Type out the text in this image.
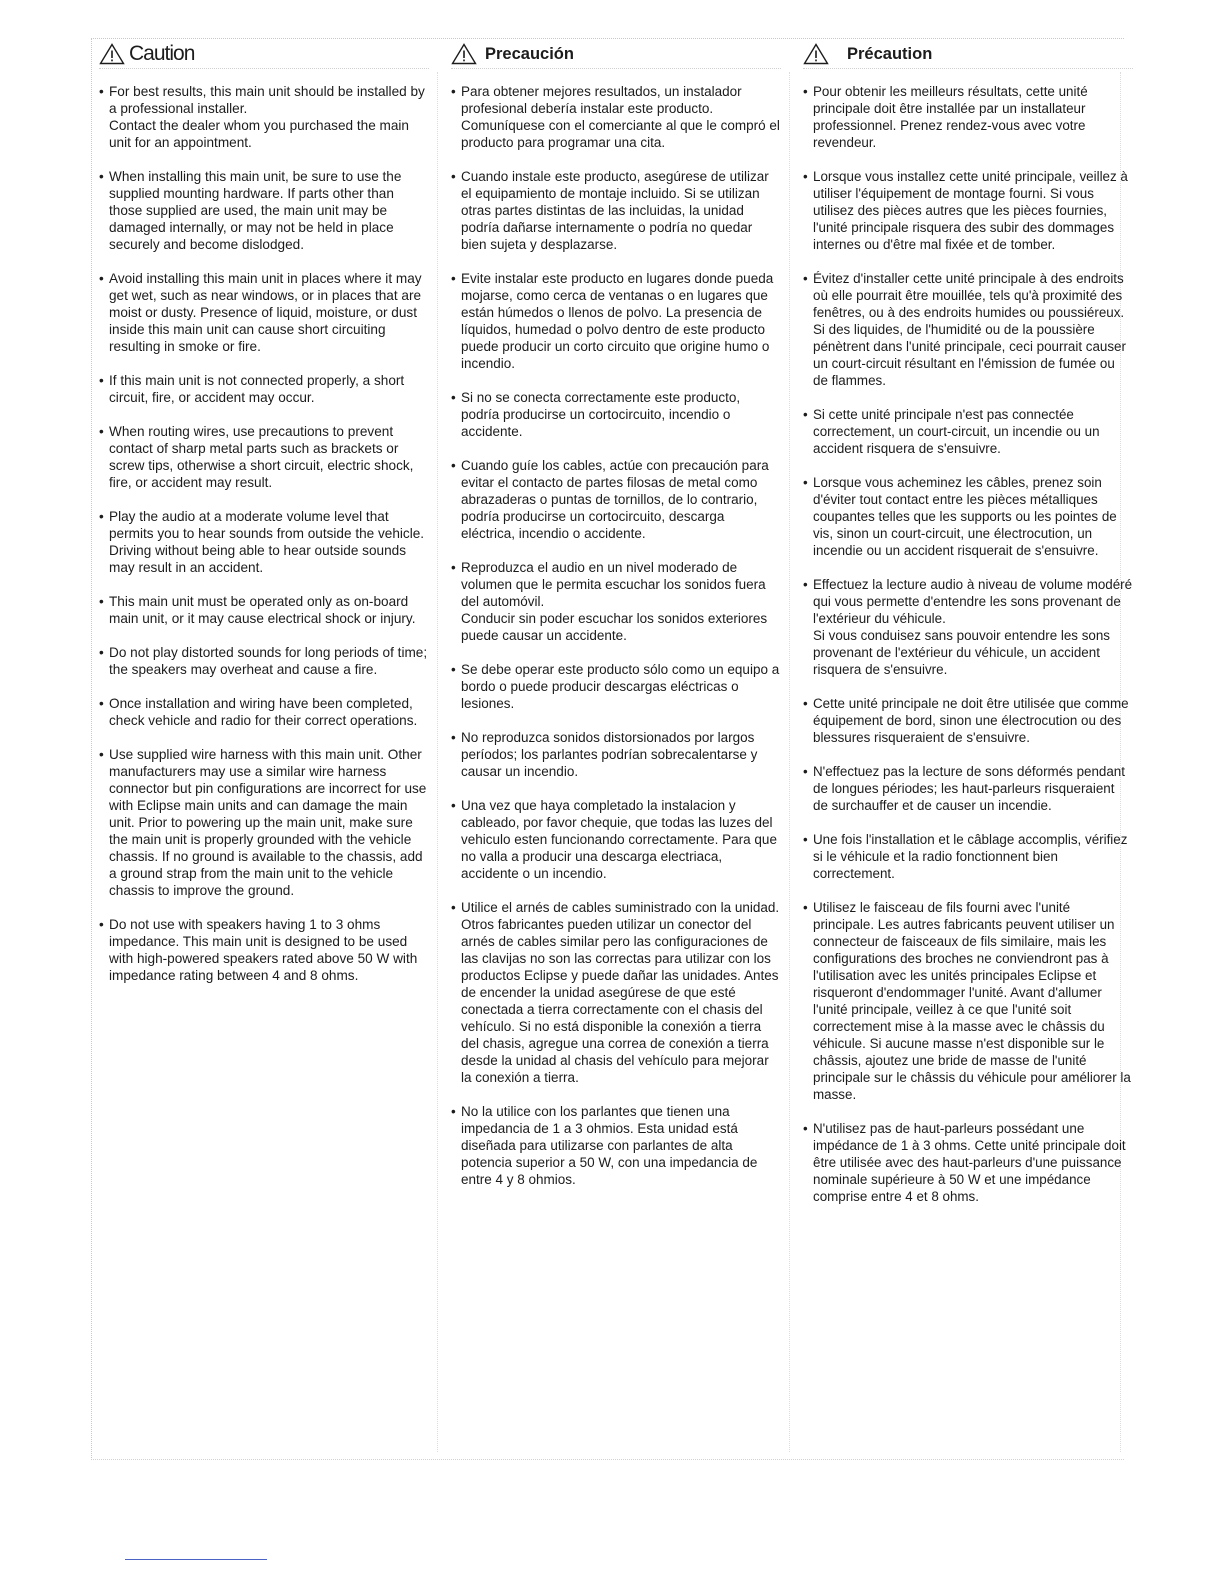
Caution
• For best results, this main unit should be installed by a professional installer.
Contact the dealer whom you purchased the main unit for an appointment.
• When installing this main unit, be sure to use the supplied mounting hardware. If parts other than those supplied are used, the main unit may be damaged internally, or may not be held in place securely and become dislodged.
• Avoid installing this main unit in places where it may get wet, such as near windows, or in places that are moist or dusty. Presence of liquid, moisture, or dust inside this main unit can cause short circuiting resulting in smoke or fire.
• If this main unit is not connected properly, a short circuit, fire, or accident may occur.
• When routing wires, use precautions to prevent contact of sharp metal parts such as brackets or screw tips, otherwise a short circuit, electric shock, fire, or accident may result.
• Play the audio at a moderate volume level that permits you to hear sounds from outside the vehicle. Driving without being able to hear outside sounds may result in an accident.
• This main unit must be operated only as on-board main unit, or it may cause electrical shock or injury.
• Do not play distorted sounds for long periods of time; the speakers may overheat and cause a fire.
• Once installation and wiring have been completed, check vehicle and radio for their correct operations.
• Use supplied wire harness with this main unit. Other manufacturers may use a similar wire harness connector but pin configurations are incorrect for use with Eclipse main units and can damage the main unit. Prior to powering up the main unit, make sure the main unit is properly grounded with the vehicle chassis. If no ground is available to the chassis, add a ground strap from the main unit to the vehicle chassis to improve the ground.
• Do not use with speakers having 1 to 3 ohms impedance. This main unit is designed to be used with high-powered speakers rated above 50 W with impedance rating between 4 and 8 ohms.
Precaución
• Para obtener mejores resultados, un instalador profesional debería instalar este producto.
Comuníquese con el comerciante al que le compró el producto para programar una cita.
• Cuando instale este producto, asegúrese de utilizar el equipamiento de montaje incluido. Si se utilizan otras partes distintas de las incluidas, la unidad podría dañarse internamente o podría no quedar bien sujeta y desplazarse.
• Evite instalar este producto en lugares donde pueda mojarse, como cerca de ventanas o en lugares que están húmedos o llenos de polvo. La presencia de líquidos, humedad o polvo dentro de este producto puede producir un corto circuito que origine humo o incendio.
• Si no se conecta correctamente este producto, podría producirse un cortocircuito, incendio o accidente.
• Cuando guíe los cables, actúe con precaución para evitar el contacto de partes filosas de metal como abrazaderas o puntas de tornillos, de lo contrario, podría producirse un cortocircuito, descarga eléctrica, incendio o accidente.
• Reproduzca el audio en un nivel moderado de volumen que le permita escuchar los sonidos fuera del automóvil.
Conducir sin poder escuchar los sonidos exteriores puede causar un accidente.
• Se debe operar este producto sólo como un equipo a bordo o puede producir descargas eléctricas o lesiones.
• No reproduzca sonidos distorsionados por largos períodos; los parlantes podrían sobrecalentarse y causar un incendio.
• Una vez que haya completado la instalacion y cableado, por favor chequie, que todas las luzes del vehiculo esten funcionando correctamente. Para que no valla a producir una descarga electriaca, accidente o un incendio.
• Utilice el arnés de cables suministrado con la unidad. Otros fabricantes pueden utilizar un conector del arnés de cables similar pero las configuraciones de las clavijas no son las correctas para utilizar con los productos Eclipse y puede dañar las unidades. Antes de encender la unidad asegúrese de que esté conectada a tierra correctamente con el chasis del vehículo. Si no está disponible la conexión a tierra del chasis, agregue una correa de conexión a tierra desde la unidad al chasis del vehículo para mejorar la conexión a tierra.
• No la utilice con los parlantes que tienen una impedancia de 1 a 3 ohmios. Esta unidad está diseñada para utilizarse con parlantes de alta potencia superior a 50 W, con una impedancia de entre 4 y 8 ohmios.
Précaution
• Pour obtenir les meilleurs résultats, cette unité principale doit être installée par un installateur professionnel. Prenez rendez-vous avec votre revendeur.
• Lorsque vous installez cette unité principale, veillez à utiliser l'équipement de montage fourni. Si vous utilisez des pièces autres que les pièces fournies, l'unité principale risquera des subir des dommages internes ou d'être mal fixée et de tomber.
• Évitez d'installer cette unité principale à des endroits où elle pourrait être mouillée, tels qu'à proximité des fenêtres, ou à des endroits humides ou poussiéreux.
Si des liquides, de l'humidité ou de la poussière pénètrent dans l'unité principale, ceci pourrait causer un court-circuit résultant en l'émission de fumée ou de flammes.
• Si cette unité principale n'est pas connectée correctement, un court-circuit, un incendie ou un accident risquera de s'ensuivre.
• Lorsque vous acheminez les câbles, prenez soin d'éviter tout contact entre les pièces métalliques coupantes telles que les supports ou les pointes de vis, sinon un court-circuit, une électrocution, un incendie ou un accident risquerait de s'ensuivre.
• Effectuez la lecture audio à niveau de volume modéré qui vous permette d'entendre les sons provenant de l'extérieur du véhicule.
Si vous conduisez sans pouvoir entendre les sons provenant de l'extérieur du véhicule, un accident risquera de s'ensuivre.
• Cette unité principale ne doit être utilisée que comme équipement de bord, sinon une électrocution ou des blessures risqueraient de s'ensuivre.
• N'effectuez pas la lecture de sons déformés pendant de longues périodes; les haut-parleurs risqueraient de surchauffer et de causer un incendie.
• Une fois l'installation et le câblage accomplis, vérifiez si le véhicule et la radio fonctionnent bien correctement.
• Utilisez le faisceau de fils fourni avec l'unité principale. Les autres fabricants peuvent utiliser un connecteur de faisceaux de fils similaire, mais les configurations des broches ne conviendront pas à l'utilisation avec les unités principales Eclipse et risqueront d'endommager l'unité. Avant d'allumer l'unité principale, veillez à ce que l'unité soit correctement mise à la masse avec le châssis du véhicule. Si aucune masse n'est disponible sur le châssis, ajoutez une bride de masse de l'unité principale sur le châssis du véhicule pour améliorer la masse.
• N'utilisez pas de haut-parleurs possédant une impédance de 1 à 3 ohms. Cette unité principale doit être utilisée avec des haut-parleurs d'une puissance nominale supérieure à 50 W et une impédance comprise entre 4 et 8 ohms.
